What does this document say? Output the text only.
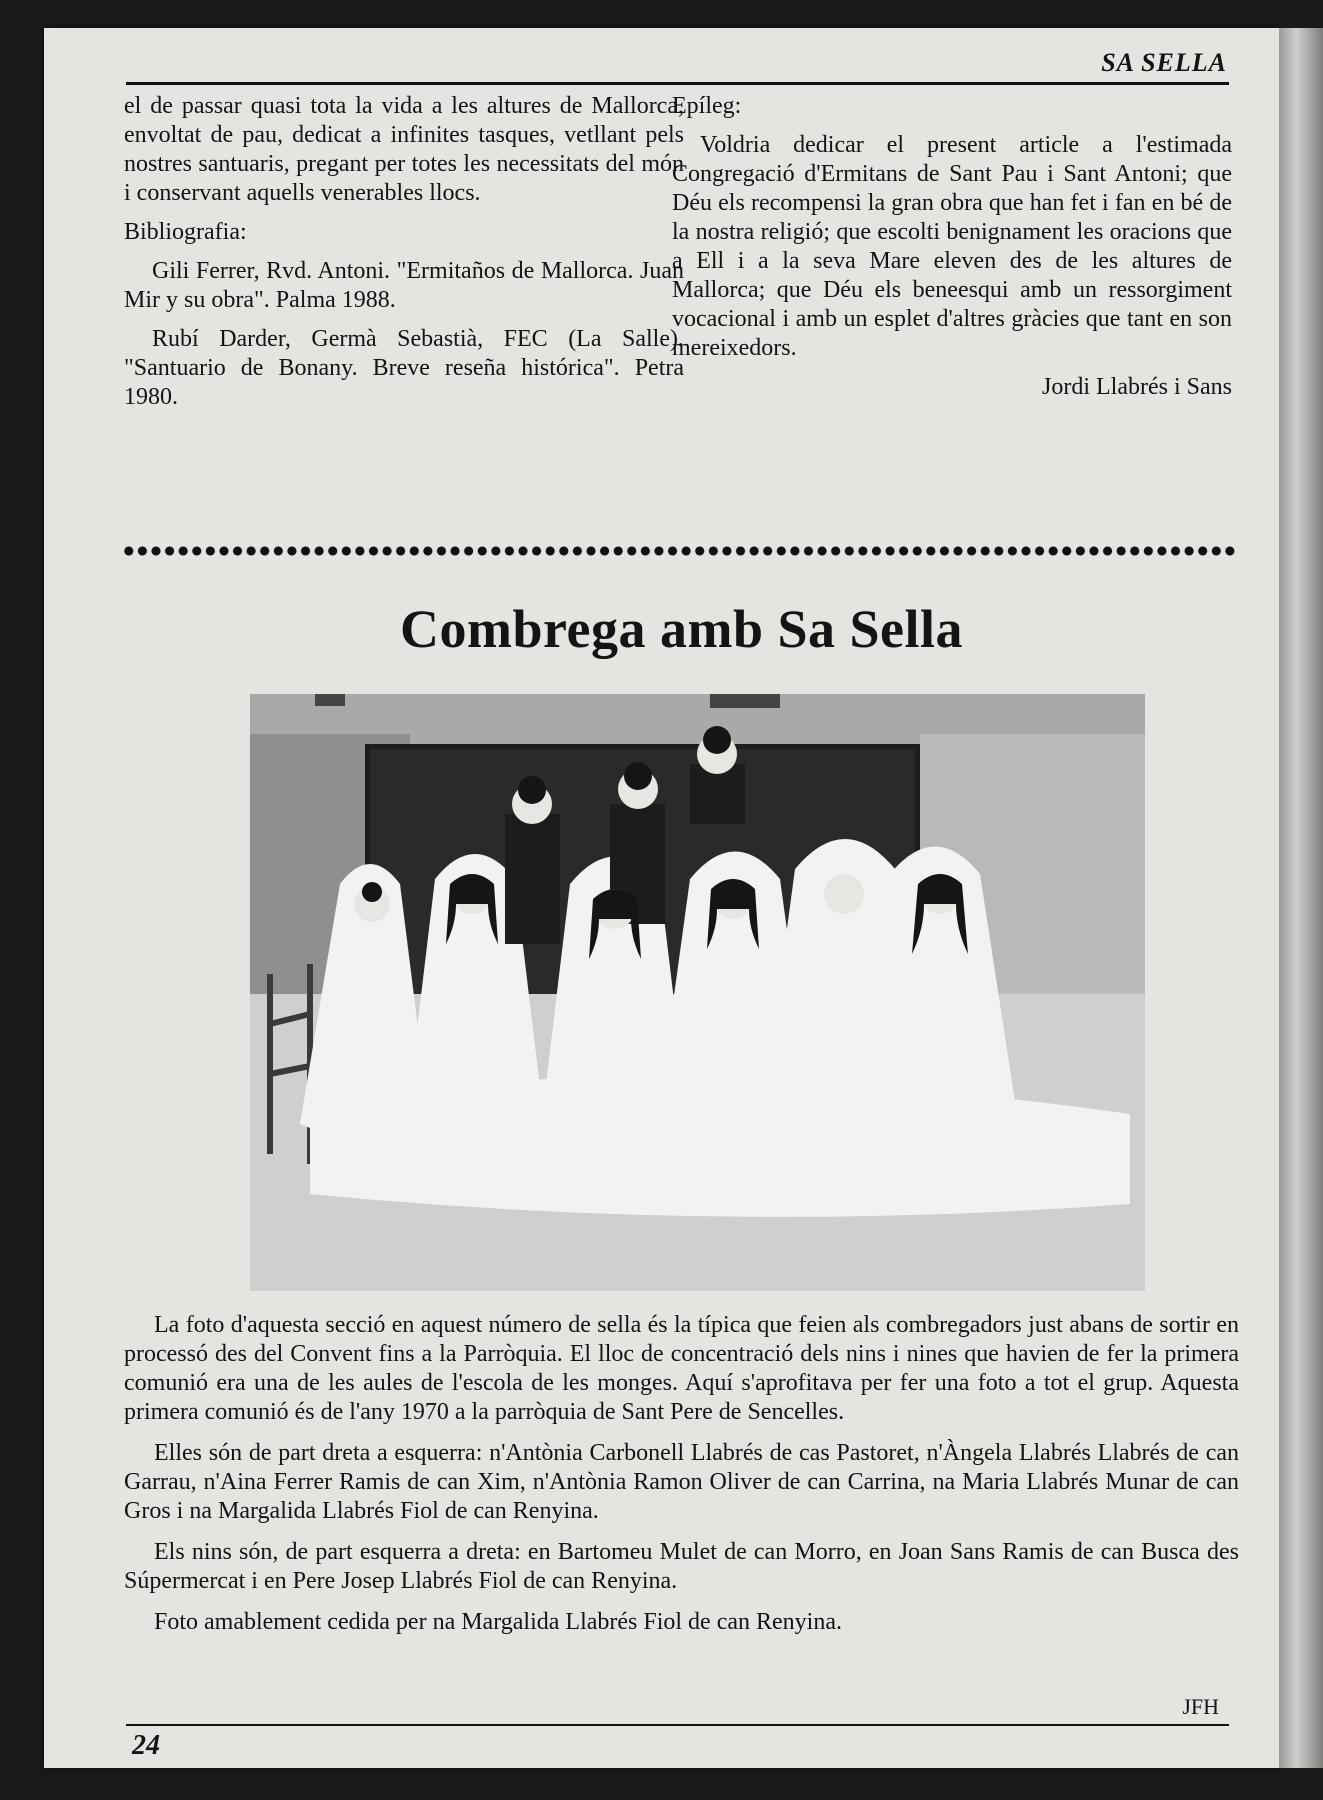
SA SELLA

el de passar quasi tota la vida a les altures de Mallorca, envoltat de pau, dedicat a infinites tasques, vetllant pels nostres santuaris, pregant per totes les necessitats del món i conservant aquells venerables llocs.

Bibliografia:

Gili Ferrer, Rvd. Antoni. "Ermitaños de Mallorca. Juan Mir y su obra". Palma 1988.

Rubí Darder, Germà Sebastià, FEC (La Salle). "Santuario de Bonany. Breve reseña histórica". Petra 1980.

Epíleg:

Voldria dedicar el present article a l'estimada Congregació d'Ermitans de Sant Pau i Sant Antoni; que Déu els recompensi la gran obra que han fet i fan en bé de la nostra religió; que escolti benignament les oracions que a Ell i a la seva Mare eleven des de les altures de Mallorca; que Déu els beneesqui amb un ressorgiment vocacional i amb un esplet d'altres gràcies que tant en son mereixedors.

Jordi Llabrés i Sans

Combrega amb Sa Sella

La foto d'aquesta secció en aquest número de sella és la típica que feien als combregadors just abans de sortir en processó des del Convent fins a la Parròquia. El lloc de concentració dels nins i nines que havien de fer la primera comunió era una de les aules de l'escola de les monges. Aquí s'aprofitava per fer una foto a tot el grup. Aquesta primera comunió és de l'any 1970 a la parròquia de Sant Pere de Sencelles.

Elles són de part dreta a esquerra: n'Antònia Carbonell Llabrés de cas Pastoret, n'Àngela Llabrés Llabrés de can Garrau, n'Aina Ferrer Ramis de can Xim, n'Antònia Ramon Oliver de can Carrina, na Maria Llabrés Munar de can Gros i na Margalida Llabrés Fiol de can Renyina.

Els nins són, de part esquerra a dreta: en Bartomeu Mulet de can Morro, en Joan Sans Ramis de can Busca des Súpermercat i en Pere Josep Llabrés Fiol de can Renyina.

Foto amablement cedida per na Margalida Llabrés Fiol de can Renyina.

JFH
24
